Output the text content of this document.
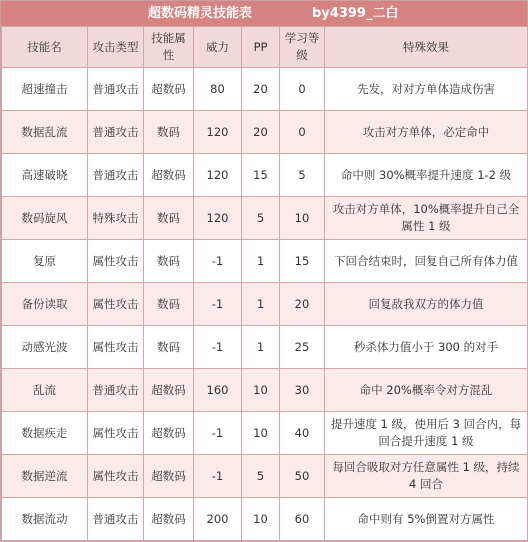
超数码精灵技能表	by4399_二白
技能名	攻击类型	技能属性	威力	PP	学习等级	特殊效果
超速撞击	普通攻击	超数码	80	20	0	先发，对对方单体造成伤害
数据乱流	普通攻击	数码	120	20	0	攻击对方单体，必定命中
高速破晓	普通攻击	超数码	120	15	5	命中则 30%概率提升速度 1-2 级
数码旋风	特殊攻击	数码	120	5	10	攻击对方单体，10%概率提升自己全属性 1 级
复原	属性攻击	数码	-1	1	15	下回合结束时，回复自己所有体力值
备份读取	属性攻击	数码	-1	1	20	回复敌我双方的体力值
动感光波	属性攻击	数码	-1	1	25	秒杀体力值小于 300 的对手
乱流	普通攻击	超数码	160	10	30	命中 20%概率令对方混乱
数据疾走	属性攻击	超数码	-1	10	40	提升速度 1 级，使用后 3 回合内，每回合提升速度 1 级
数据逆流	属性攻击	超数码	-1	5	50	每回合吸取对方任意属性 1 级，持续 4 回合
数据流动	普通攻击	超数码	200	10	60	命中则有 5%倒置对方属性
